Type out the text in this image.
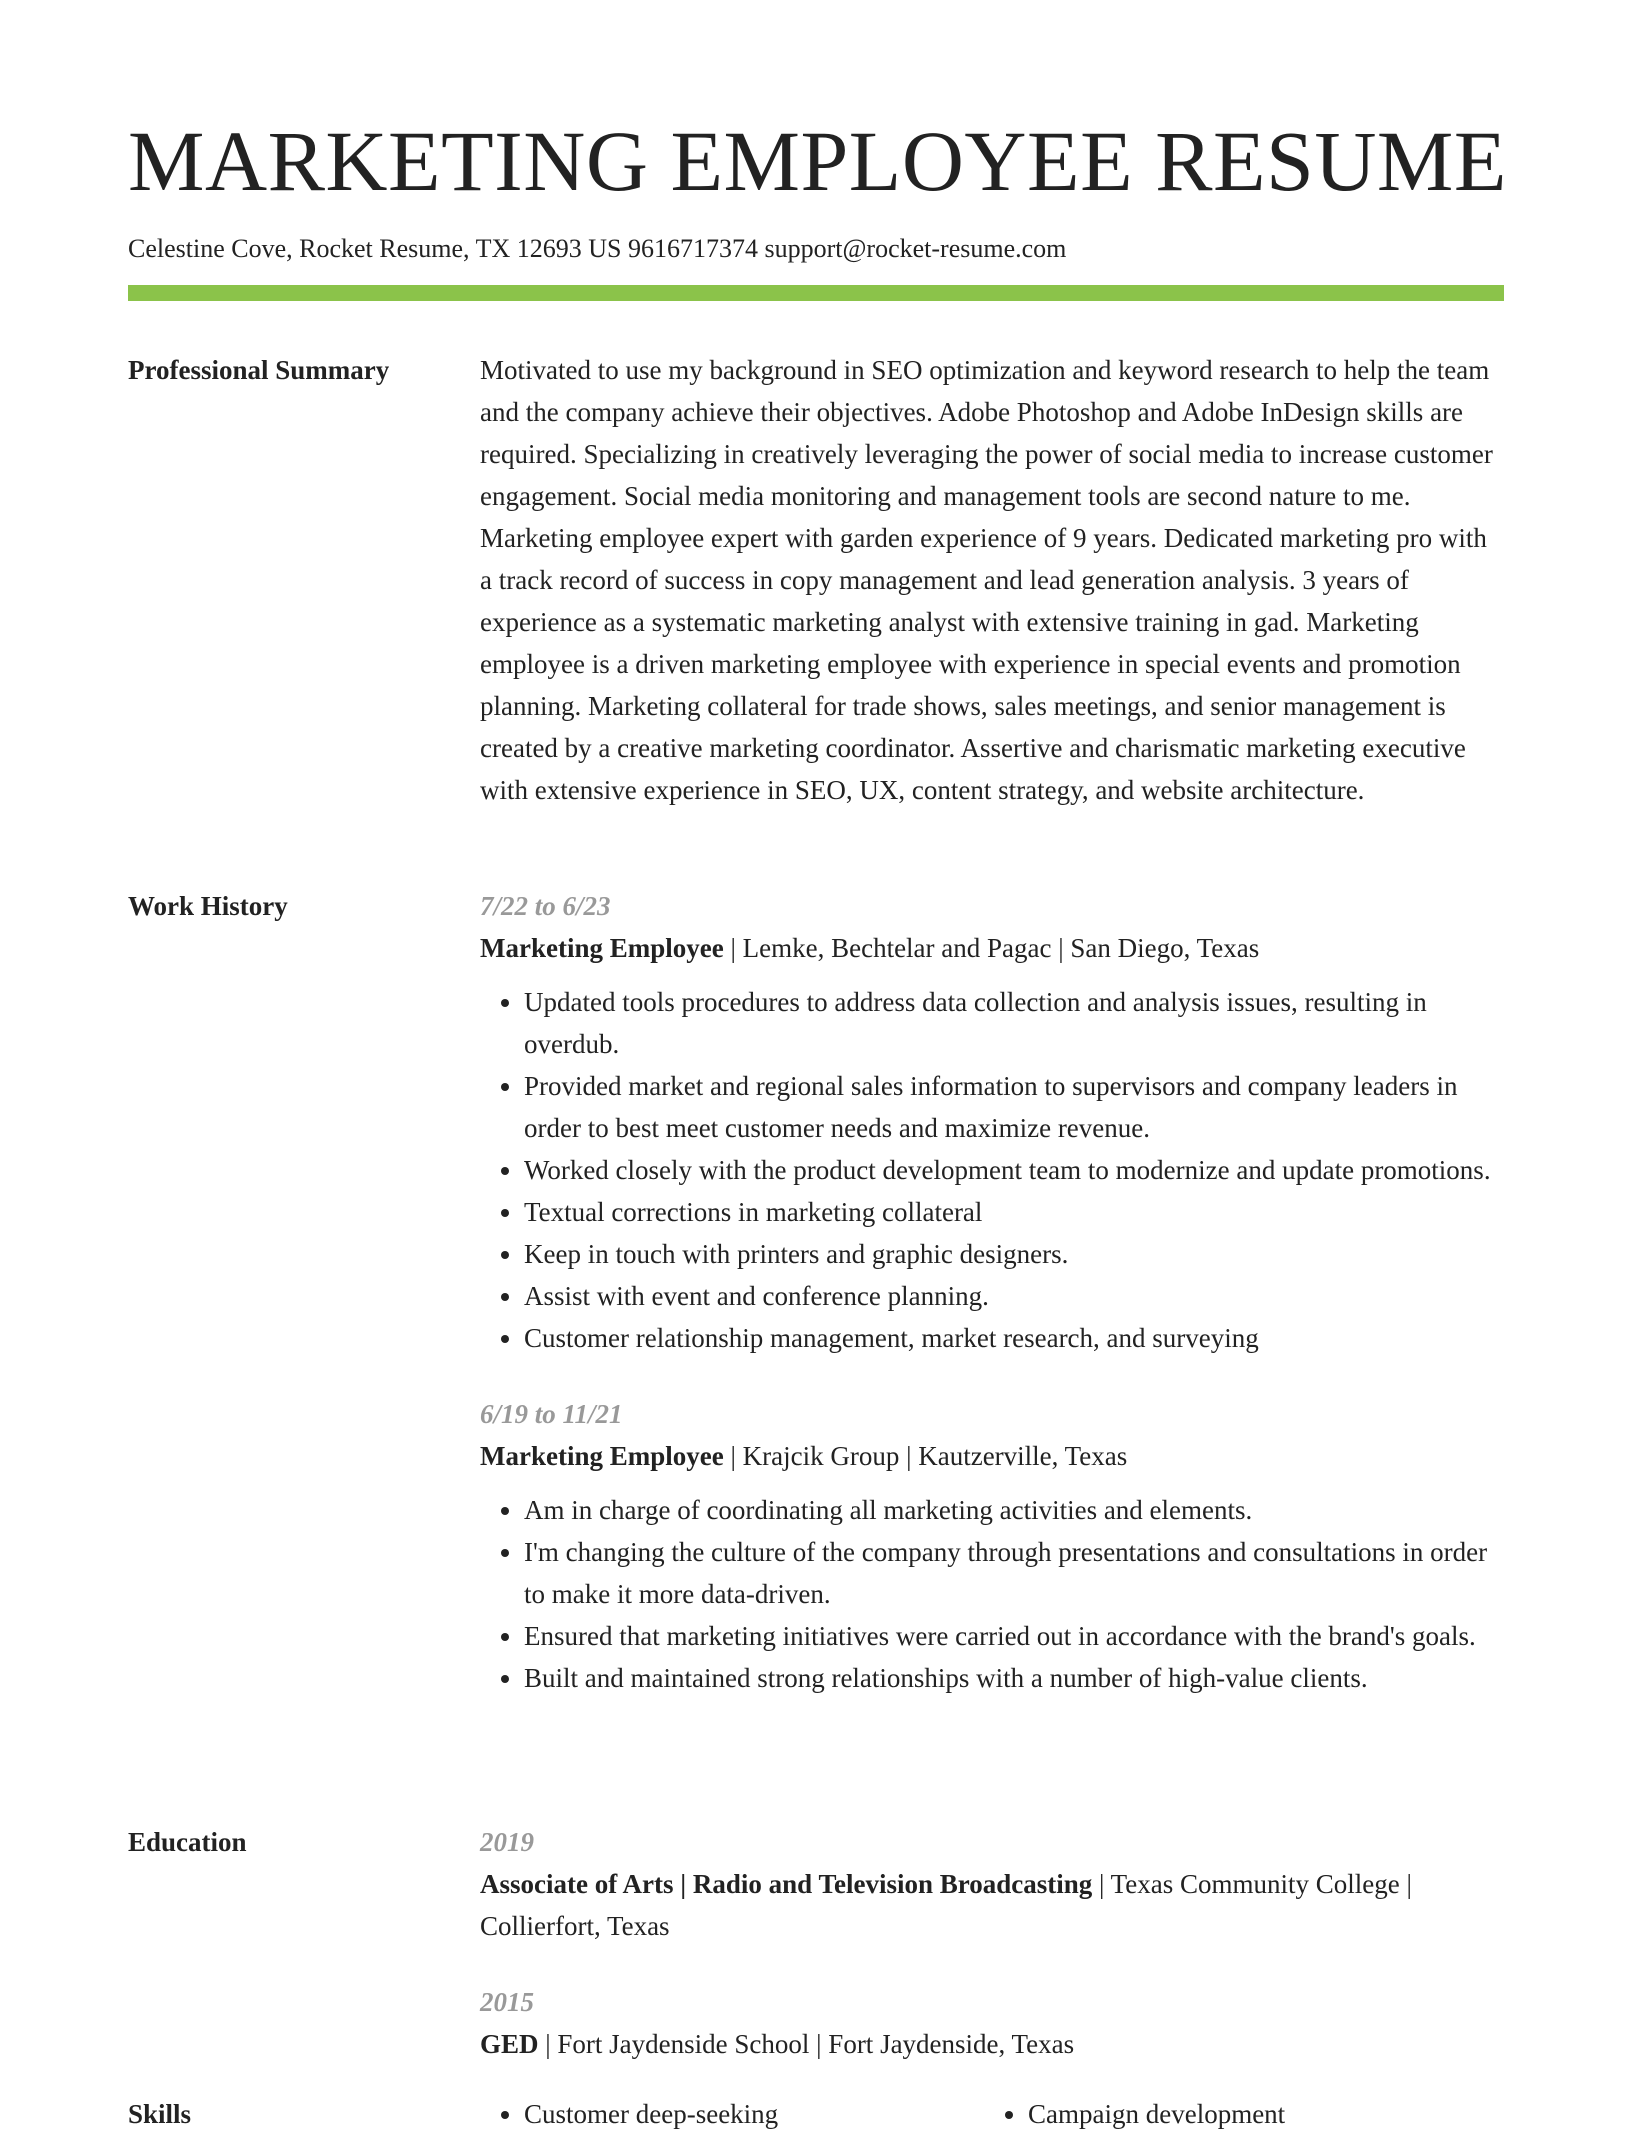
MARKETING EMPLOYEE RESUME
Celestine Cove, Rocket Resume, TX 12693 US 9616717374 support@rocket-resume.com
Professional Summary	Motivated to use my background in SEO optimization and keyword research to help the team and the company achieve their objectives. Adobe Photoshop and Adobe InDesign skills are required. Specializing in creatively leveraging the power of social media to increase customer engagement. Social media monitoring and management tools are second nature to me. Marketing employee expert with garden experience of 9 years. Dedicated marketing pro with a track record of success in copy management and lead generation analysis. 3 years of experience as a systematic marketing analyst with extensive training in gad. Marketing employee is a driven marketing employee with experience in special events and promotion planning. Marketing collateral for trade shows, sales meetings, and senior management is created by a creative marketing coordinator. Assertive and charismatic marketing executive with extensive experience in SEO, UX, content strategy, and website architecture.

Work History	7/22 to 6/23
Marketing Employee | Lemke, Bechtelar and Pagac | San Diego, Texas
• Updated tools procedures to address data collection and analysis issues, resulting in overdub.
• Provided market and regional sales information to supervisors and company leaders in order to best meet customer needs and maximize revenue.
• Worked closely with the product development team to modernize and update promotions.
• Textual corrections in marketing collateral
• Keep in touch with printers and graphic designers.
• Assist with event and conference planning.
• Customer relationship management, market research, and surveying
6/19 to 11/21
Marketing Employee | Krajcik Group | Kautzerville, Texas
• Am in charge of coordinating all marketing activities and elements.
• I'm changing the culture of the company through presentations and consultations in order to make it more data-driven.
• Ensured that marketing initiatives were carried out in accordance with the brand's goals.
• Built and maintained strong relationships with a number of high-value clients.
Education	2019
Associate of Arts | Radio and Television Broadcasting | Texas Community College | Collierfort, Texas
2015
GED | Fort Jaydenside School | Fort Jaydenside, Texas
Skills	• Customer deep-seeking	• Campaign development
